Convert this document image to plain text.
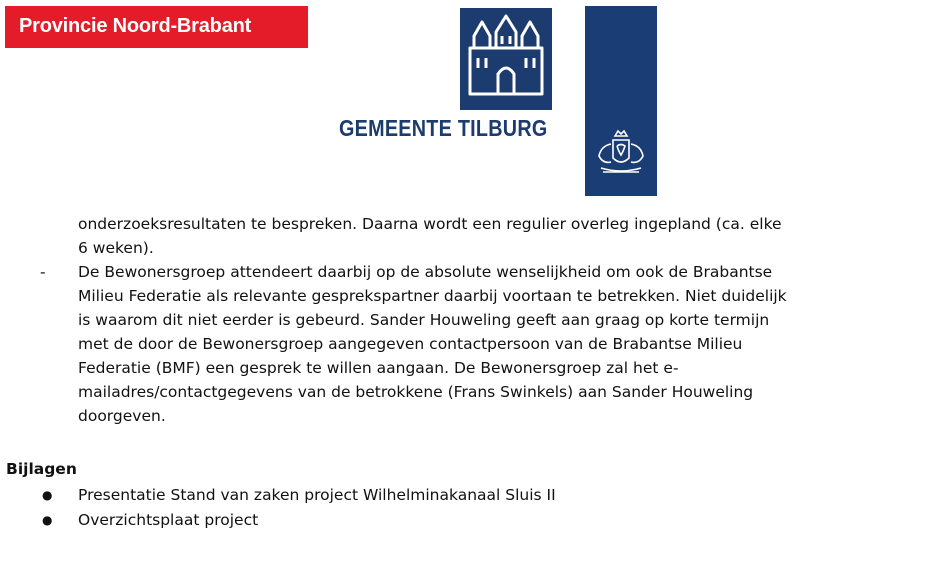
Provincie Noord-Brabant
GEMEENTE TILBURG
onderzoeksresultaten te bespreken. Daarna wordt een regulier overleg ingepland (ca. elke
6 weken).
- De Bewonersgroep attendeert daarbij op de absolute wenselijkheid om ook de Brabantse
Milieu Federatie als relevante gesprekspartner daarbij voortaan te betrekken. Niet duidelijk
is waarom dit niet eerder is gebeurd. Sander Houweling geeft aan graag op korte termijn
met de door de Bewonersgroep aangegeven contactpersoon van de Brabantse Milieu
Federatie (BMF) een gesprek te willen aangaan. De Bewonersgroep zal het e-
mailadres/contactgegevens van de betrokkene (Frans Swinkels) aan Sander Houweling
doorgeven.
Bijlagen
● Presentatie Stand van zaken project Wilhelminakanaal Sluis II
● Overzichtsplaat project
